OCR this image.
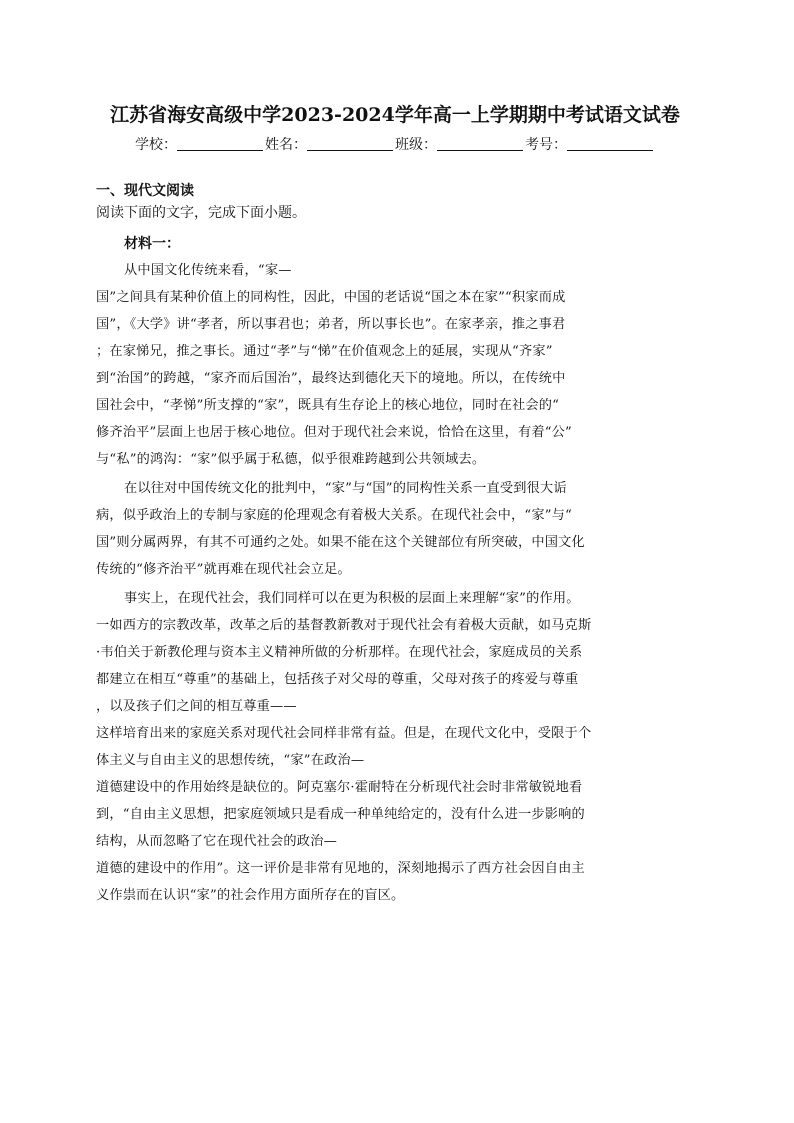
江苏省海安高级中学2023-2024学年高一上学期期中考试语文试卷
学校：	姓名：	班级：	考号：
一、现代文阅读
阅读下面的文字，完成下面小题。
材料一：
从中国文化传统来看，“家—
国”之间具有某种价值上的同构性，因此，中国的老话说“国之本在家”“积家而成
国”，《大学》讲“孝者，所以事君也；弟者，所以事长也”。在家孝亲，推之事君
；在家悌兄，推之事长。通过“孝”与“悌”在价值观念上的延展，实现从“齐家”
到“治国”的跨越，“家齐而后国治”，最终达到德化天下的境地。所以，在传统中
国社会中，“孝悌”所支撑的“家”，既具有生存论上的核心地位，同时在社会的“
修齐治平”层面上也居于核心地位。但对于现代社会来说，恰恰在这里，有着“公”
与“私”的鸿沟：“家”似乎属于私德，似乎很难跨越到公共领域去。
在以往对中国传统文化的批判中，“家”与“国”的同构性关系一直受到很大诟
病，似乎政治上的专制与家庭的伦理观念有着极大关系。在现代社会中，“家”与“
国”则分属两界，有其不可通约之处。如果不能在这个关键部位有所突破，中国文化
传统的“修齐治平”就再难在现代社会立足。
事实上，在现代社会，我们同样可以在更为积极的层面上来理解“家”的作用。
一如西方的宗教改革，改革之后的基督教新教对于现代社会有着极大贡献，如马克斯
·韦伯关于新教伦理与资本主义精神所做的分析那样。在现代社会，家庭成员的关系
都建立在相互“尊重”的基础上，包括孩子对父母的尊重，父母对孩子的疼爱与尊重
，以及孩子们之间的相互尊重——
这样培育出来的家庭关系对现代社会同样非常有益。但是，在现代文化中，受限于个
体主义与自由主义的思想传统，“家”在政治—
道德建设中的作用始终是缺位的。阿克塞尔·霍耐特在分析现代社会时非常敏锐地看
到，“自由主义思想，把家庭领域只是看成一种单纯给定的，没有什么进一步影响的
结构，从而忽略了它在现代社会的政治—
道德的建设中的作用”。这一评价是非常有见地的，深刻地揭示了西方社会因自由主
义作祟而在认识“家”的社会作用方面所存在的盲区。
